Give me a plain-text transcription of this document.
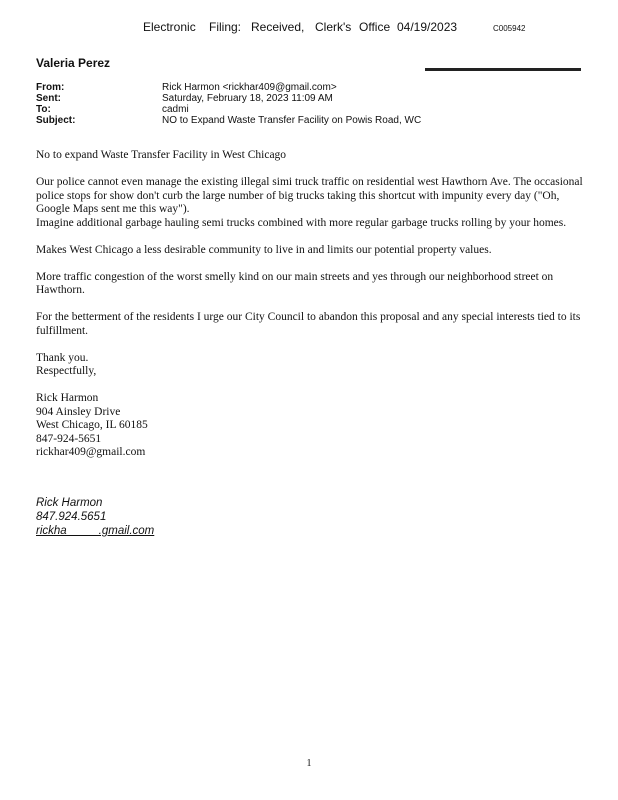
Electronic Filing: Received, Clerk's Office 04/19/2023	C005942
Valeria Perez
From:	Rick Harmon <rickhar409@gmail.com>
Sent:	Saturday, February 18, 2023 11:09 AM
To:	cadmi
Subject:	NO to Expand Waste Transfer Facility on Powis Road, WC

No to expand Waste Transfer Facility in West Chicago

Our police cannot even manage the existing illegal simi truck traffic on residential west Hawthorn Ave. The occasional police stops for show don't curb the large number of big trucks taking this shortcut with impunity every day ("Oh, Google Maps sent me this way").

Imagine additional garbage hauling semi trucks combined with more regular garbage trucks rolling by your homes.

Makes West Chicago a less desirable community to live in and limits our potential property values.

More traffic congestion of the worst smelly kind on our main streets and yes through our neighborhood street on Hawthorn.

For the betterment of the residents I urge our City Council to abandon this proposal and any special interests tied to its fulfillment.

Thank you.

Respectfully,

Rick Harmon

904 Ainsley Drive

West Chicago, IL 60185

847-924-5651

rickhar409@gmail.com

Rick Harmon
847.924.5651
rickha_____.gmail.com
1
